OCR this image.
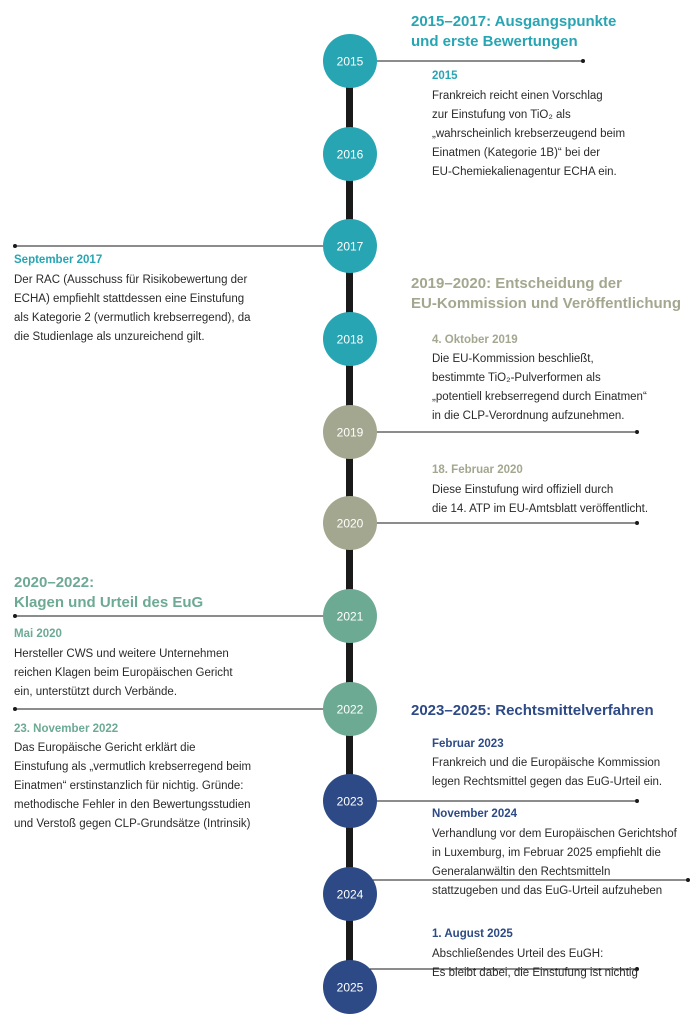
2015
2016
2017
2018
2019
2020
2021
2022
2023
2024
2025
2015–2017: Ausgangspunkte
und erste Bewertungen
2019–2020: Entscheidung der
EU-Kommission und Veröffentlichung
2020–2022:
Klagen und Urteil des EuG
2023–2025: Rechtsmittelverfahren
2015
Frankreich reicht einen Vorschlag
zur Einstufung von TiO₂ als
„wahrscheinlich krebserzeugend beim
Einatmen (Kategorie 1B)“ bei der
EU-Chemiekalienagentur ECHA ein.
September 2017
Der RAC (Ausschuss für Risikobewertung der
ECHA) empfiehlt stattdessen eine Einstufung
als Kategorie 2 (vermutlich krebserregend), da
die Studienlage als unzureichend gilt.	4. Oktober 2019
Die EU-Kommission beschließt,
bestimmte TiO₂-Pulverformen als
„potentiell krebserregend durch Einatmen“
in die CLP-Verordnung aufzunehmen.
18. Februar 2020
Diese Einstufung wird offiziell durch
die 14. ATP im EU-Amtsblatt veröffentlicht.
Mai 2020
Hersteller CWS und weitere Unternehmen
reichen Klagen beim Europäischen Gericht
ein, unterstützt durch Verbände.
23. November 2022
Das Europäische Gericht erklärt die
Einstufung als „vermutlich krebserregend beim
Einatmen“ erstinstanzlich für nichtig. Gründe:
methodische Fehler in den Bewertungsstudien
und Verstoß gegen CLP-Grundsätze (Intrinsik)
Februar 2023
Frankreich und die Europäische Kommission
legen Rechtsmittel gegen das EuG-Urteil ein.
November 2024
Verhandlung vor dem Europäischen Gerichtshof
in Luxemburg, im Februar 2025 empfiehlt die
Generalanwältin den Rechtsmitteln
stattzugeben und das EuG-Urteil aufzuheben
1. August 2025
Abschließendes Urteil des EuGH:
Es bleibt dabei, die Einstufung ist nichtig
